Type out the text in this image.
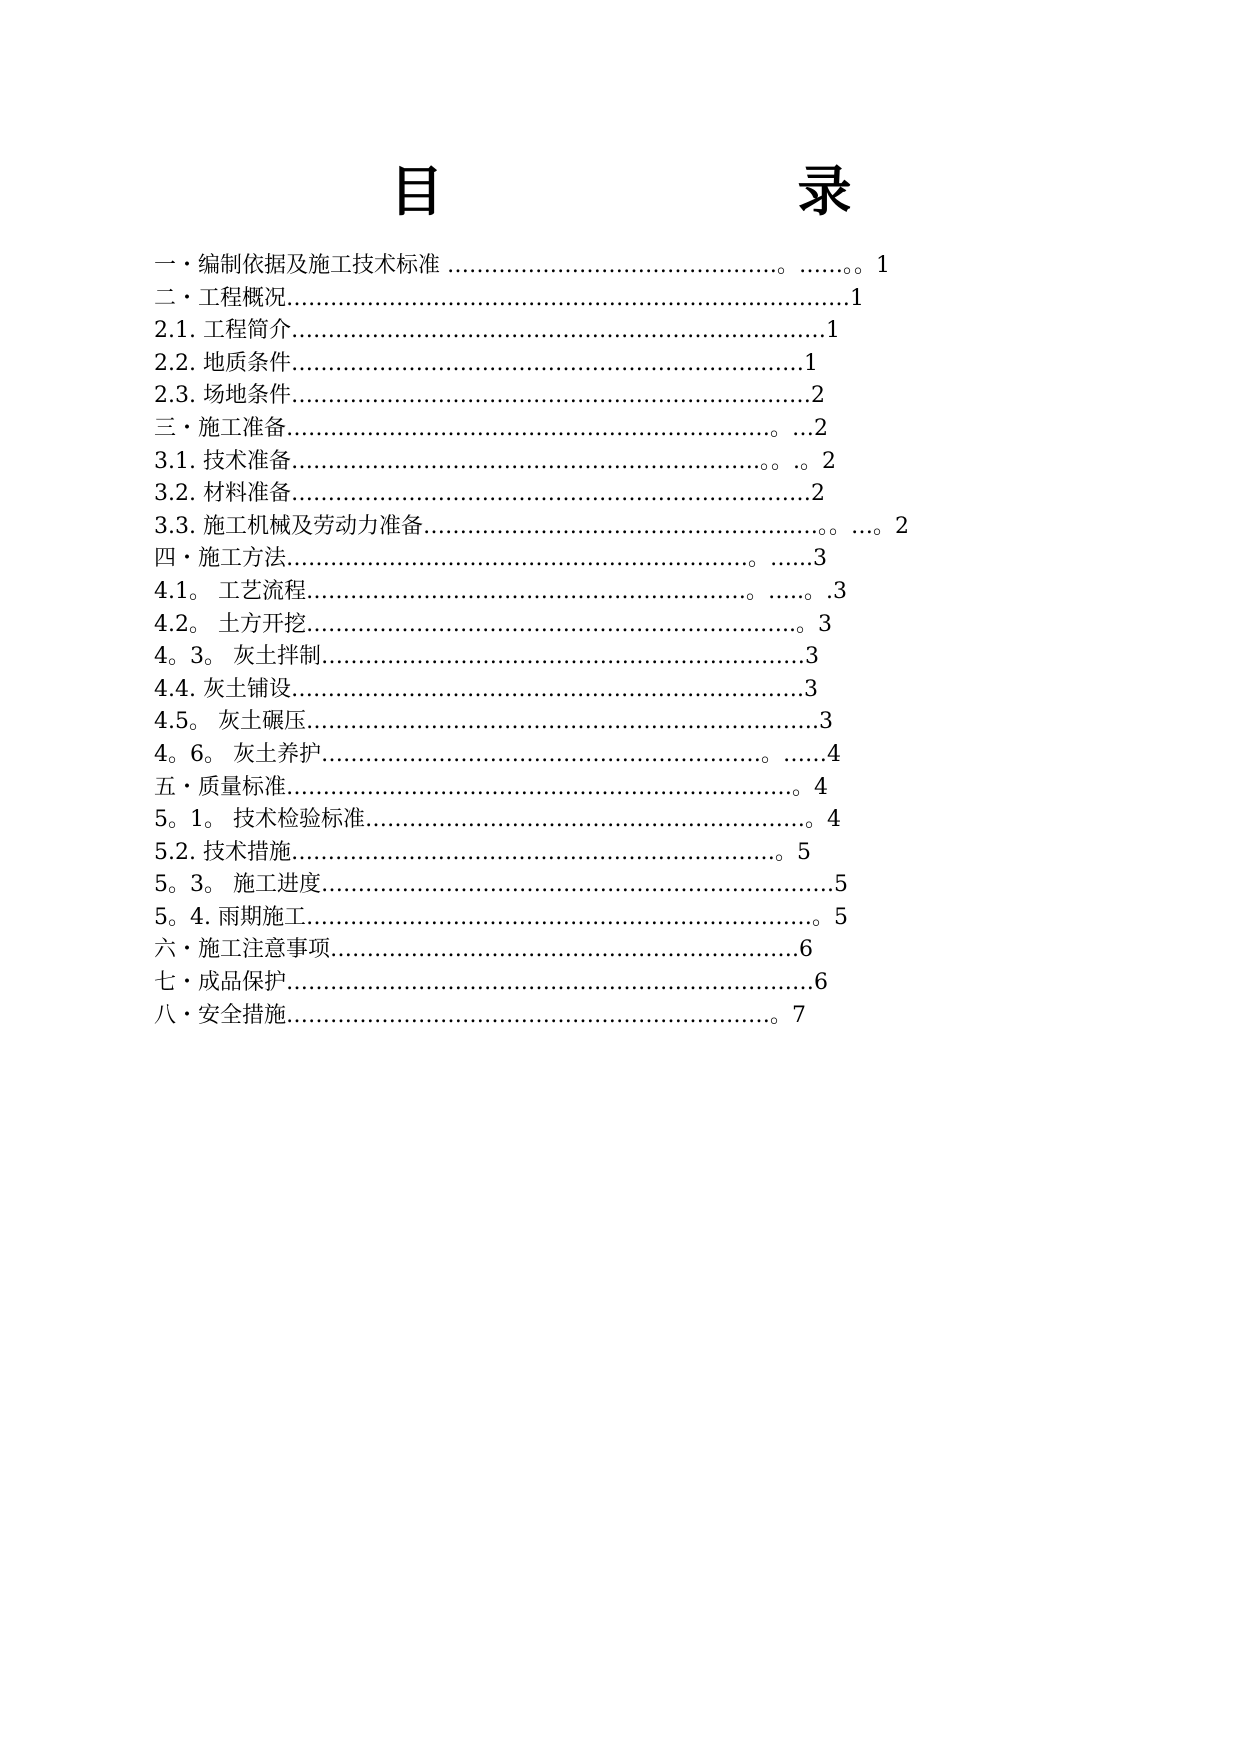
目　　录
一・编制依据及施工技术标准 ………………………………………。……。。1
二・工程概况………………………………………………………..…………1
2.1. 工程简介…………………………………………………….…………1
2.2. 地质条件……………………………………………………….……1
2.3. 场地条件………………………………………………………..……2
三・施工准备…………………………………………………………。…2
3.1. 技术准备……………………………………………………….。。.。2
3.2. 材料准备………………………………………………………..……2
3.3. 施工机械及劳动力准备…………………………………………...…。。…。2
四・施工方法………………………………………………………。…...3
4.1。 工艺流程……………………………………………………。…..。.3
4.2。 土方开挖……………………………………………………..…..。3
4。3。 灰土拌制…………………………………………………………3
4.4. 灰土铺设…………………………………………………………….3
4.5。 灰土碾压…………………………………………………………….3
4。6。 灰土养护……………………………………………………。……4
五・质量标准……………………………………………………………。4
5。1。 技术检验标准……………………………………………………。4
5.2. 技术措施…………………………………………………………。5
5。3。 施工进度…………………………………………………………….5
5。4. 雨期施工……………………………………………………………。5
六・施工注意事项……………………………………………………….6
七・成品保护………………………………………………………………6
八・安全措施…………………………………………………………。7
